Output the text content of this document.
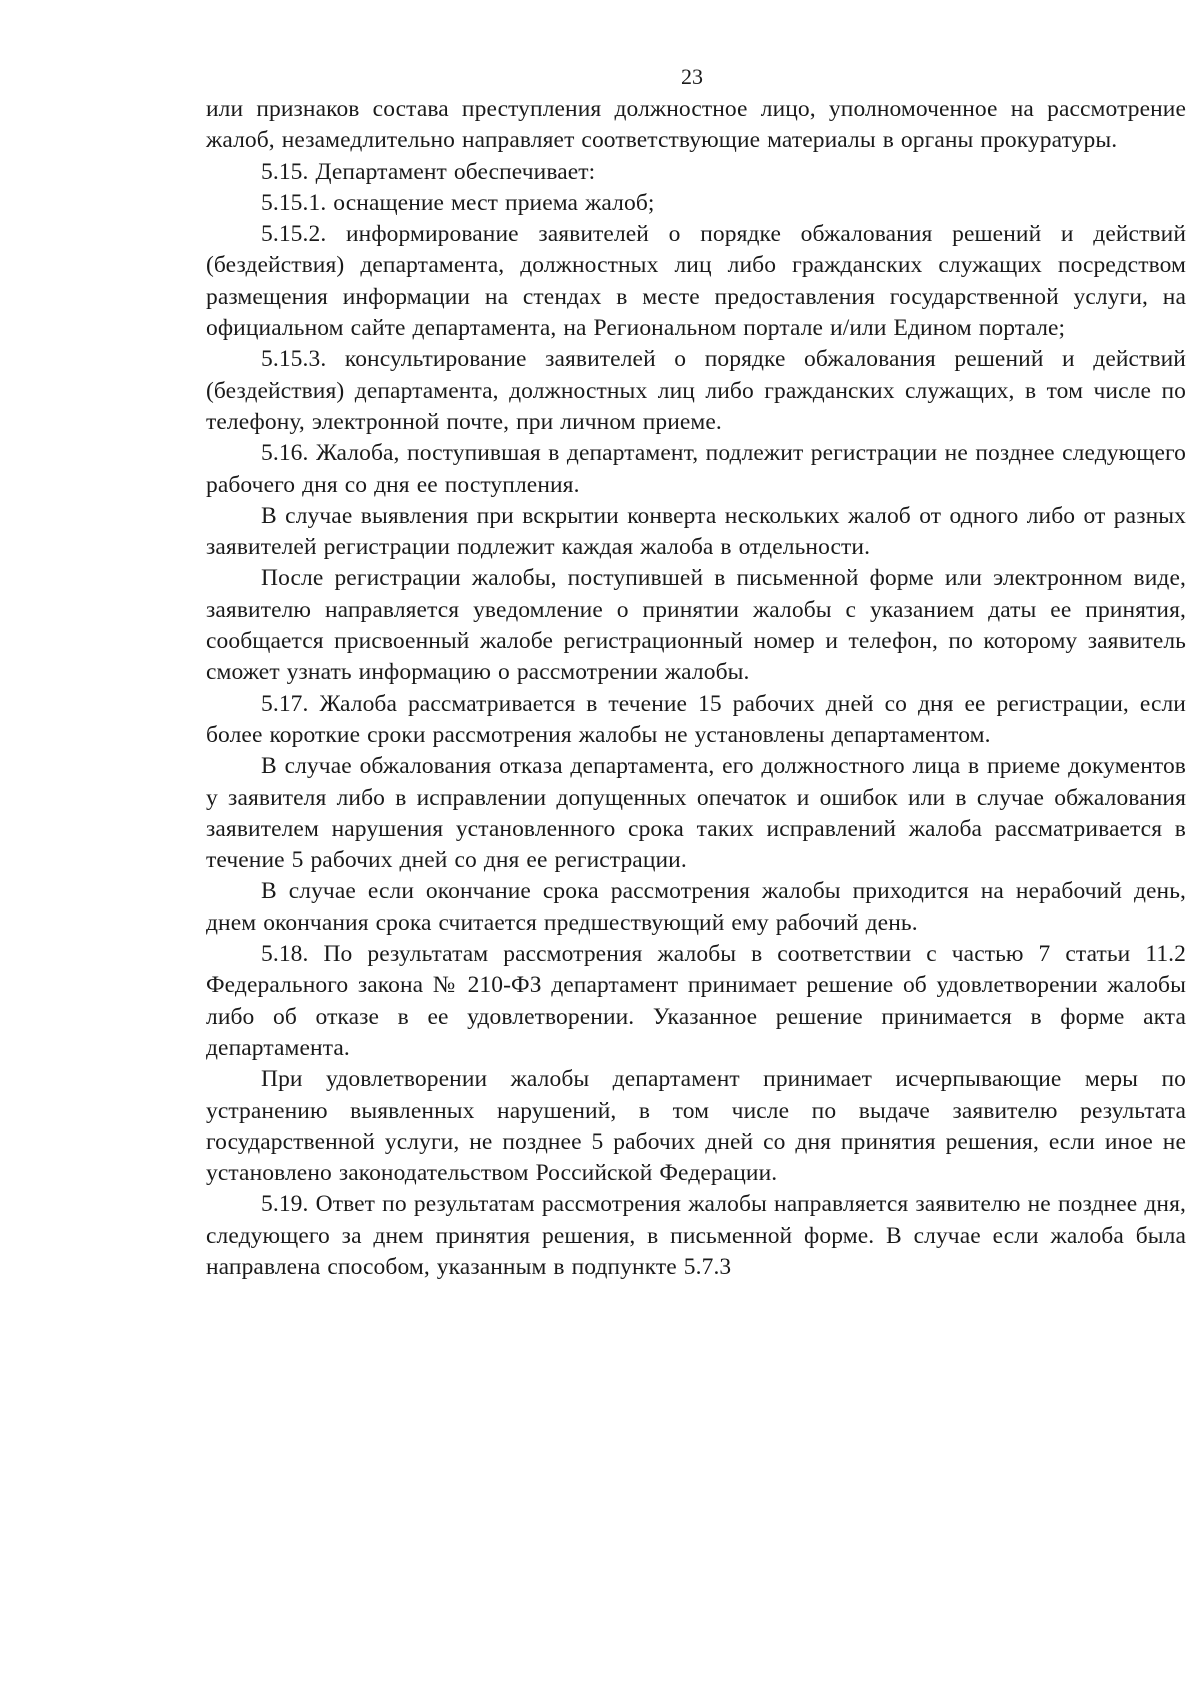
23

или признаков состава преступления должностное лицо, уполномоченное на рассмотрение жалоб, незамедлительно направляет соответствующие материалы в органы прокуратуры.

5.15. Департамент обеспечивает:

5.15.1. оснащение мест приема жалоб;

5.15.2. информирование заявителей о порядке обжалования решений и действий (бездействия) департамента, должностных лиц либо гражданских служащих посредством размещения информации на стендах в месте предоставления государственной услуги, на официальном сайте департамента, на Региональном портале и/или Едином портале;

5.15.3. консультирование заявителей о порядке обжалования решений и действий (бездействия) департамента, должностных лиц либо гражданских служащих, в том числе по телефону, электронной почте, при личном приеме.

5.16. Жалоба, поступившая в департамент, подлежит регистрации не позднее следующего рабочего дня со дня ее поступления.

В случае выявления при вскрытии конверта нескольких жалоб от одного либо от разных заявителей регистрации подлежит каждая жалоба в отдельности.

После регистрации жалобы, поступившей в письменной форме или электронном виде, заявителю направляется уведомление о принятии жалобы с указанием даты ее принятия, сообщается присвоенный жалобе регистрационный номер и телефон, по которому заявитель сможет узнать информацию о рассмотрении жалобы.

5.17. Жалоба рассматривается в течение 15 рабочих дней со дня ее регистрации, если более короткие сроки рассмотрения жалобы не установлены департаментом.

В случае обжалования отказа департамента, его должностного лица в приеме документов у заявителя либо в исправлении допущенных опечаток и ошибок или в случае обжалования заявителем нарушения установленного срока таких исправлений жалоба рассматривается в течение 5 рабочих дней со дня ее регистрации.

В случае если окончание срока рассмотрения жалобы приходится на нерабочий день, днем окончания срока считается предшествующий ему рабочий день.

5.18. По результатам рассмотрения жалобы в соответствии с частью 7 статьи 11.2 Федерального закона № 210-ФЗ департамент принимает решение об удовлетворении жалобы либо об отказе в ее удовлетворении. Указанное решение принимается в форме акта департамента.

При удовлетворении жалобы департамент принимает исчерпывающие меры по устранению выявленных нарушений, в том числе по выдаче заявителю результата государственной услуги, не позднее 5 рабочих дней со дня принятия решения, если иное не установлено законодательством Российской Федерации.

5.19. Ответ по результатам рассмотрения жалобы направляется заявителю не позднее дня, следующего за днем принятия решения, в письменной форме. В случае если жалоба была направлена способом, указанным в подпункте 5.7.3
